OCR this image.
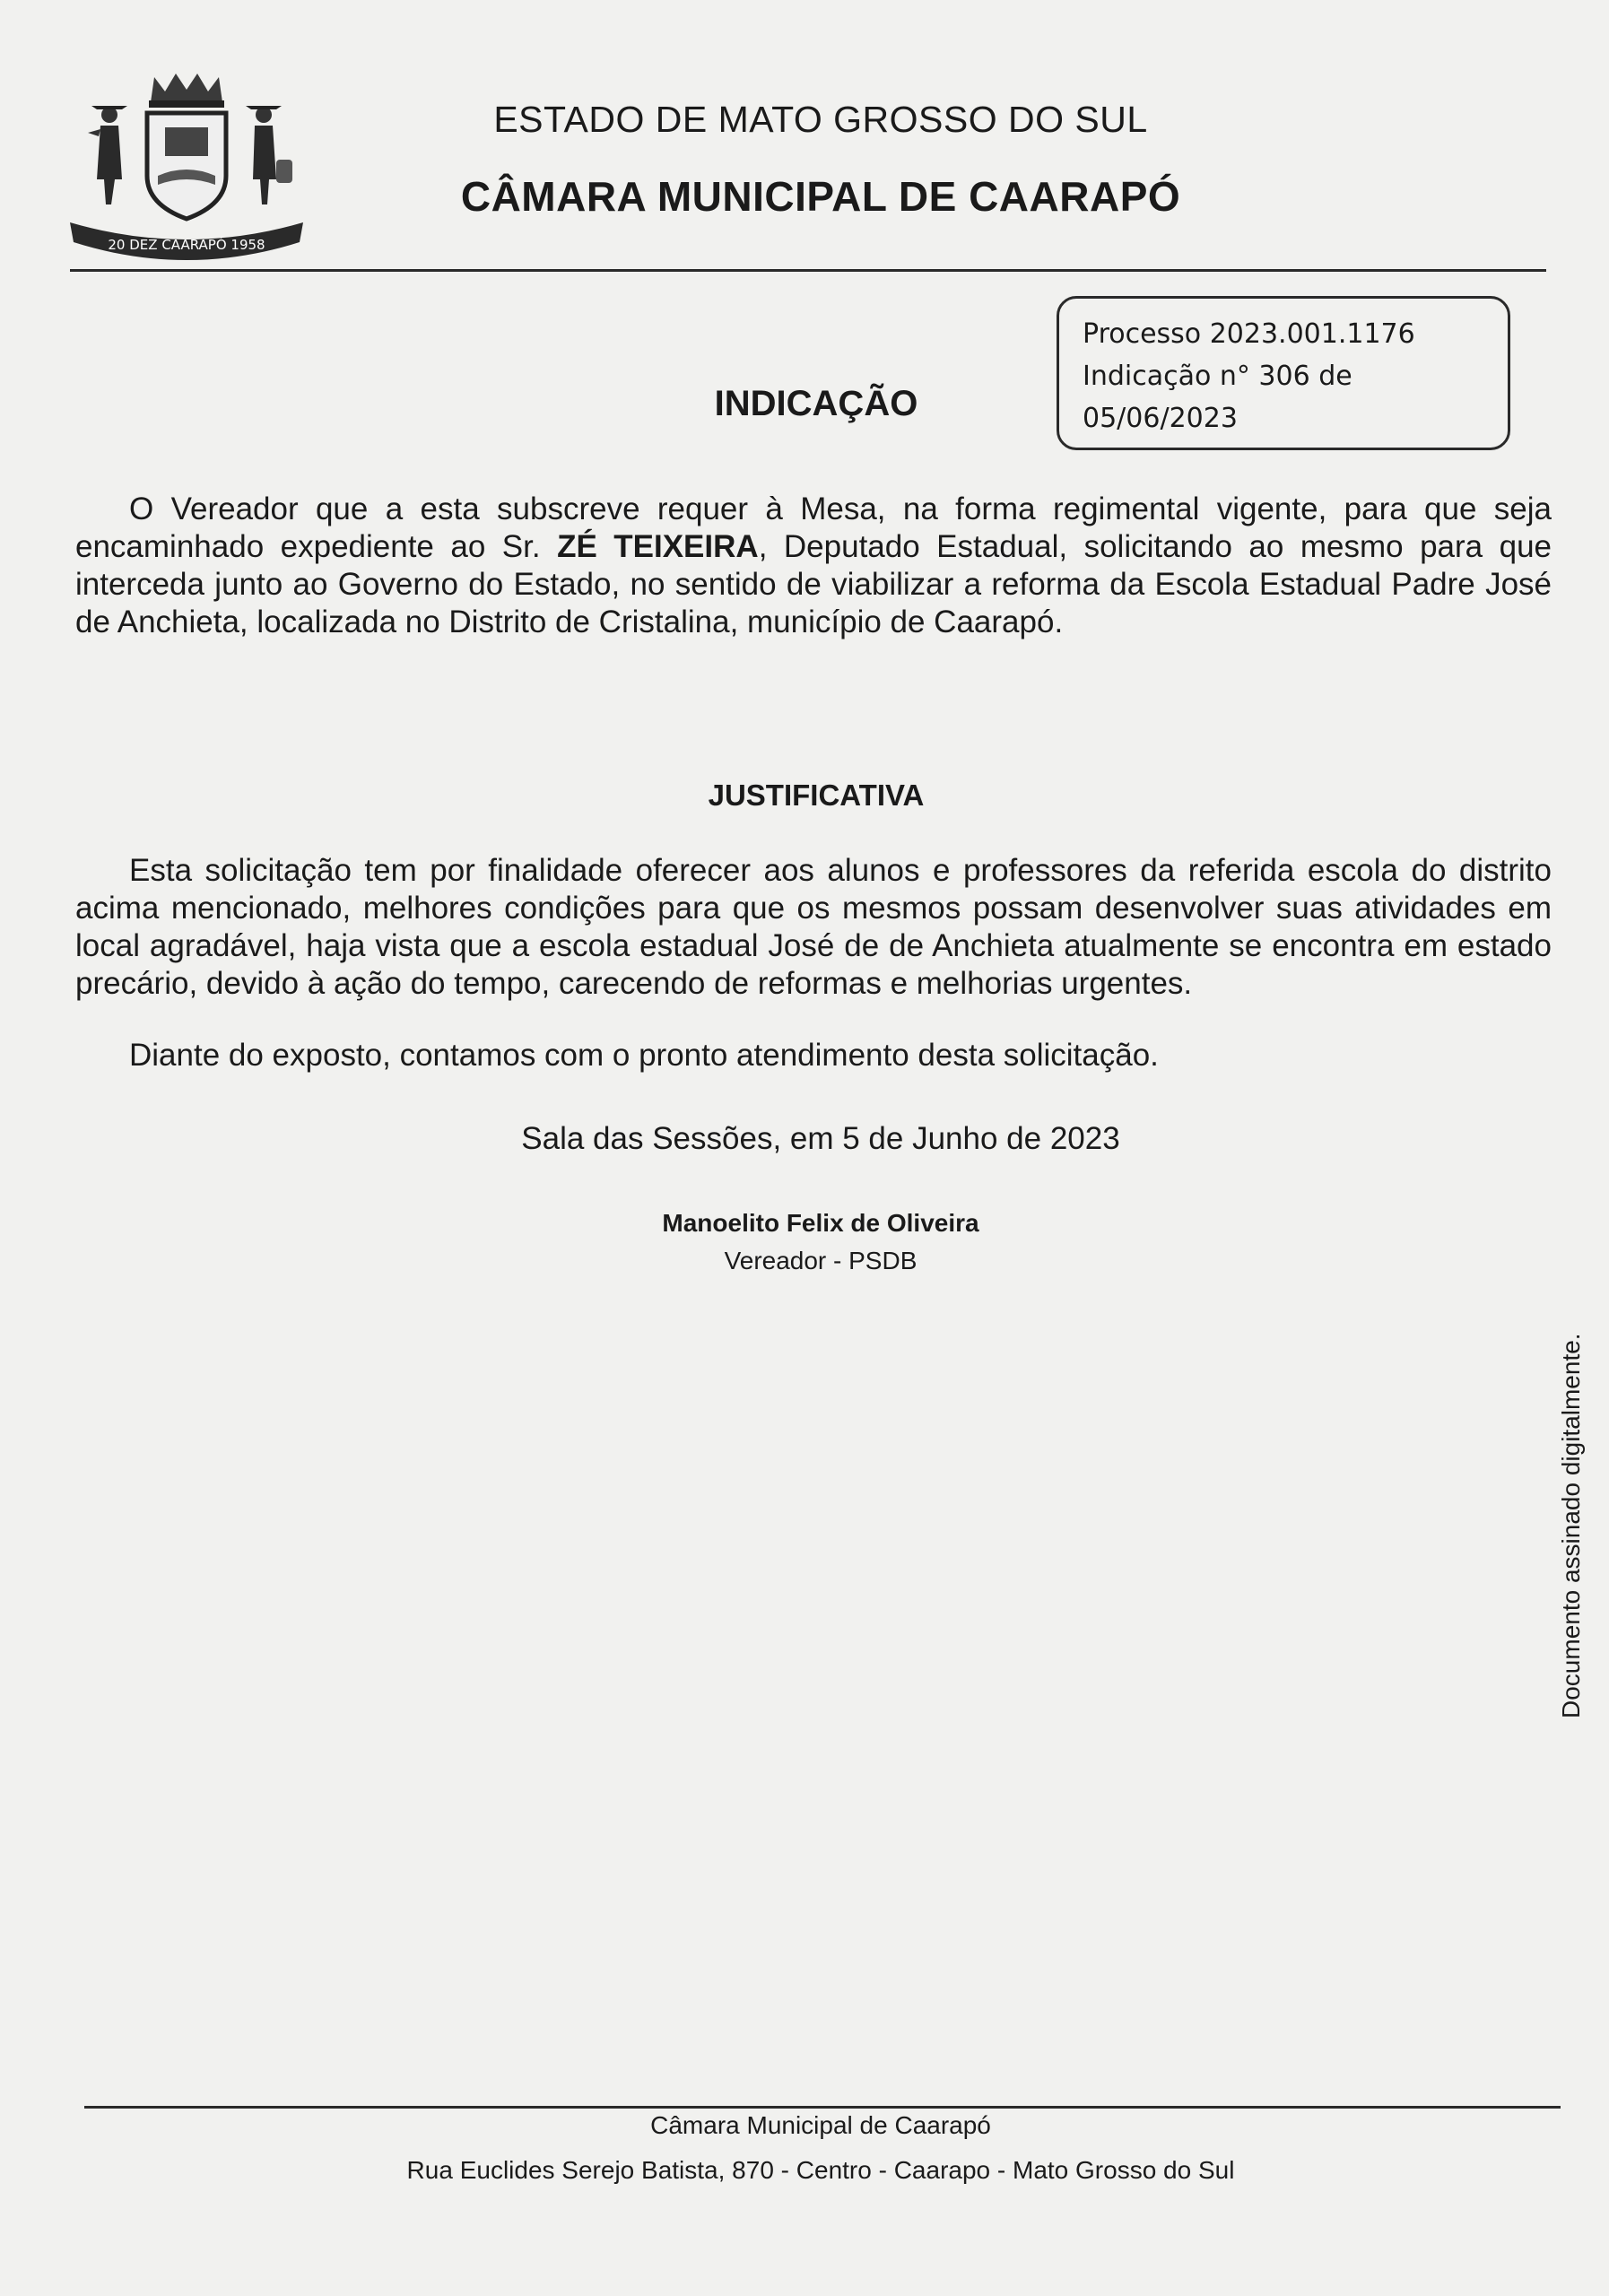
20 DEZ CAARAPÓ 1958
ESTADO DE MATO GROSSO DO SUL
CÂMARA MUNICIPAL DE CAARAPÓ
Processo 2023.001.1176
Indicação n° 306 de
05/06/2023
INDICAÇÃO

O Vereador que a esta subscreve requer à Mesa, na forma regimental vigente, para que seja encaminhado expediente ao Sr. ZÉ TEIXEIRA, Deputado Estadual, solicitando ao mesmo para que interceda junto ao Governo do Estado, no sentido de viabilizar a reforma da Escola Estadual Padre José de Anchieta, localizada no Distrito de Cristalina, município de Caarapó.

JUSTIFICATIVA

Esta solicitação tem por finalidade oferecer aos alunos e professores da referida escola do distrito acima mencionado, melhores condições para que os mesmos possam desenvolver suas atividades em local agradável, haja vista que a escola estadual José de de Anchieta atualmente se encontra em estado precário, devido à ação do tempo, carecendo de reformas e melhorias urgentes.

Diante do exposto, contamos com o pronto atendimento desta solicitação.

Sala das Sessões, em 5 de Junho de 2023
Manoelito Felix de Oliveira
Vereador - PSDB
Documento assinado digitalmente.
Câmara Municipal de Caarapó
Rua Euclides Serejo Batista, 870 - Centro - Caarapo - Mato Grosso do Sul
